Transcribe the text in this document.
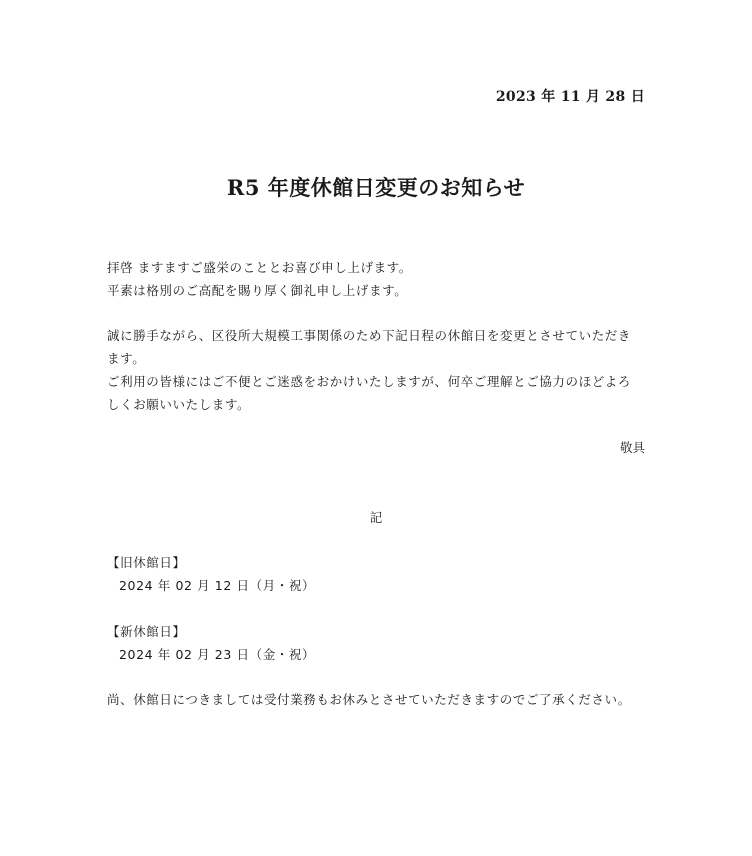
2023 年 11 月 28 日
R5 年度休館日変更のお知らせ
拝啓 ますますご盛栄のこととお喜び申し上げます。
平素は格別のご高配を賜り厚く御礼申し上げます。
誠に勝手ながら、区役所大規模工事関係のため下記日程の休館日を変更とさせていただき
ます。
ご利用の皆様にはご不便とご迷惑をおかけいたしますが、何卒ご理解とご協力のほどよろ
しくお願いいたします。
敬具
記
【旧休館日】
2024 年 02 月 12 日（月・祝）
【新休館日】
2024 年 02 月 23 日（金・祝）
尚、休館日につきましては受付業務もお休みとさせていただきますのでご了承ください。
